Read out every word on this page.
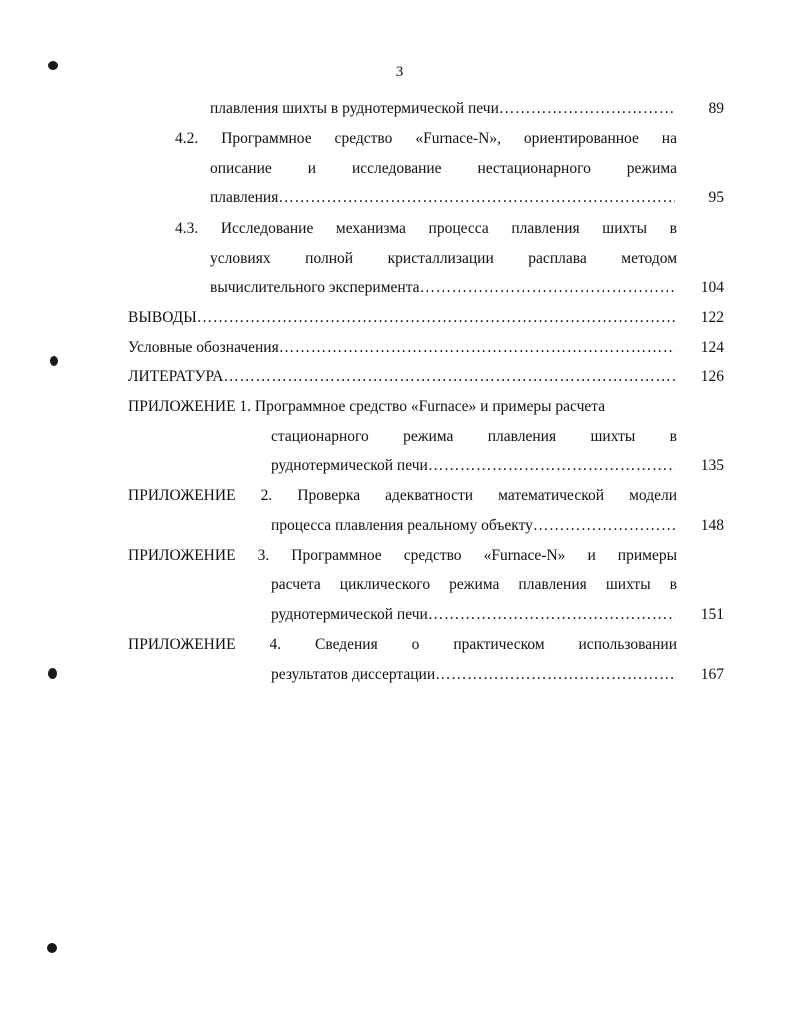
3
плавления шихты в руднотермической печи ……………………………………………………………………………………………………………………………………………………………………………………	89
4.2. Программное средство «Furnace-N», ориентированное на
описание и исследование нестационарного режима
плавления ……………………………………………………………………………………………………………………………………………………………………………………	95
4.3. Исследование механизма процесса плавления шихты в
условиях полной кристаллизации расплава методом
вычислительного эксперимента ……………………………………………………………………………………………………………………………………………………………………………………	104
ВЫВОДЫ ……………………………………………………………………………………………………………………………………………………………………………………	122
Условные обозначения ……………………………………………………………………………………………………………………………………………………………………………………	124
ЛИТЕРАТУРА ……………………………………………………………………………………………………………………………………………………………………………………	126
ПРИЛОЖЕНИЕ 1. Программное средство «Furnace» и примеры расчета
стационарного режима плавления шихты в
руднотермической печи ……………………………………………………………………………………………………………………………………………………………………………………	135
ПРИЛОЖЕНИЕ 2. Проверка адекватности математической модели
процесса плавления реальному объекту ……………………………………………………………………………………………………………………………………………………………………………………	148
ПРИЛОЖЕНИЕ 3. Программное средство «Furnace-N» и примеры
расчета циклического режима плавления шихты в
руднотермической печи ……………………………………………………………………………………………………………………………………………………………………………………	151
ПРИЛОЖЕНИЕ 4. Сведения о практическом использовании
результатов диссертации ……………………………………………………………………………………………………………………………………………………………………………………	167
